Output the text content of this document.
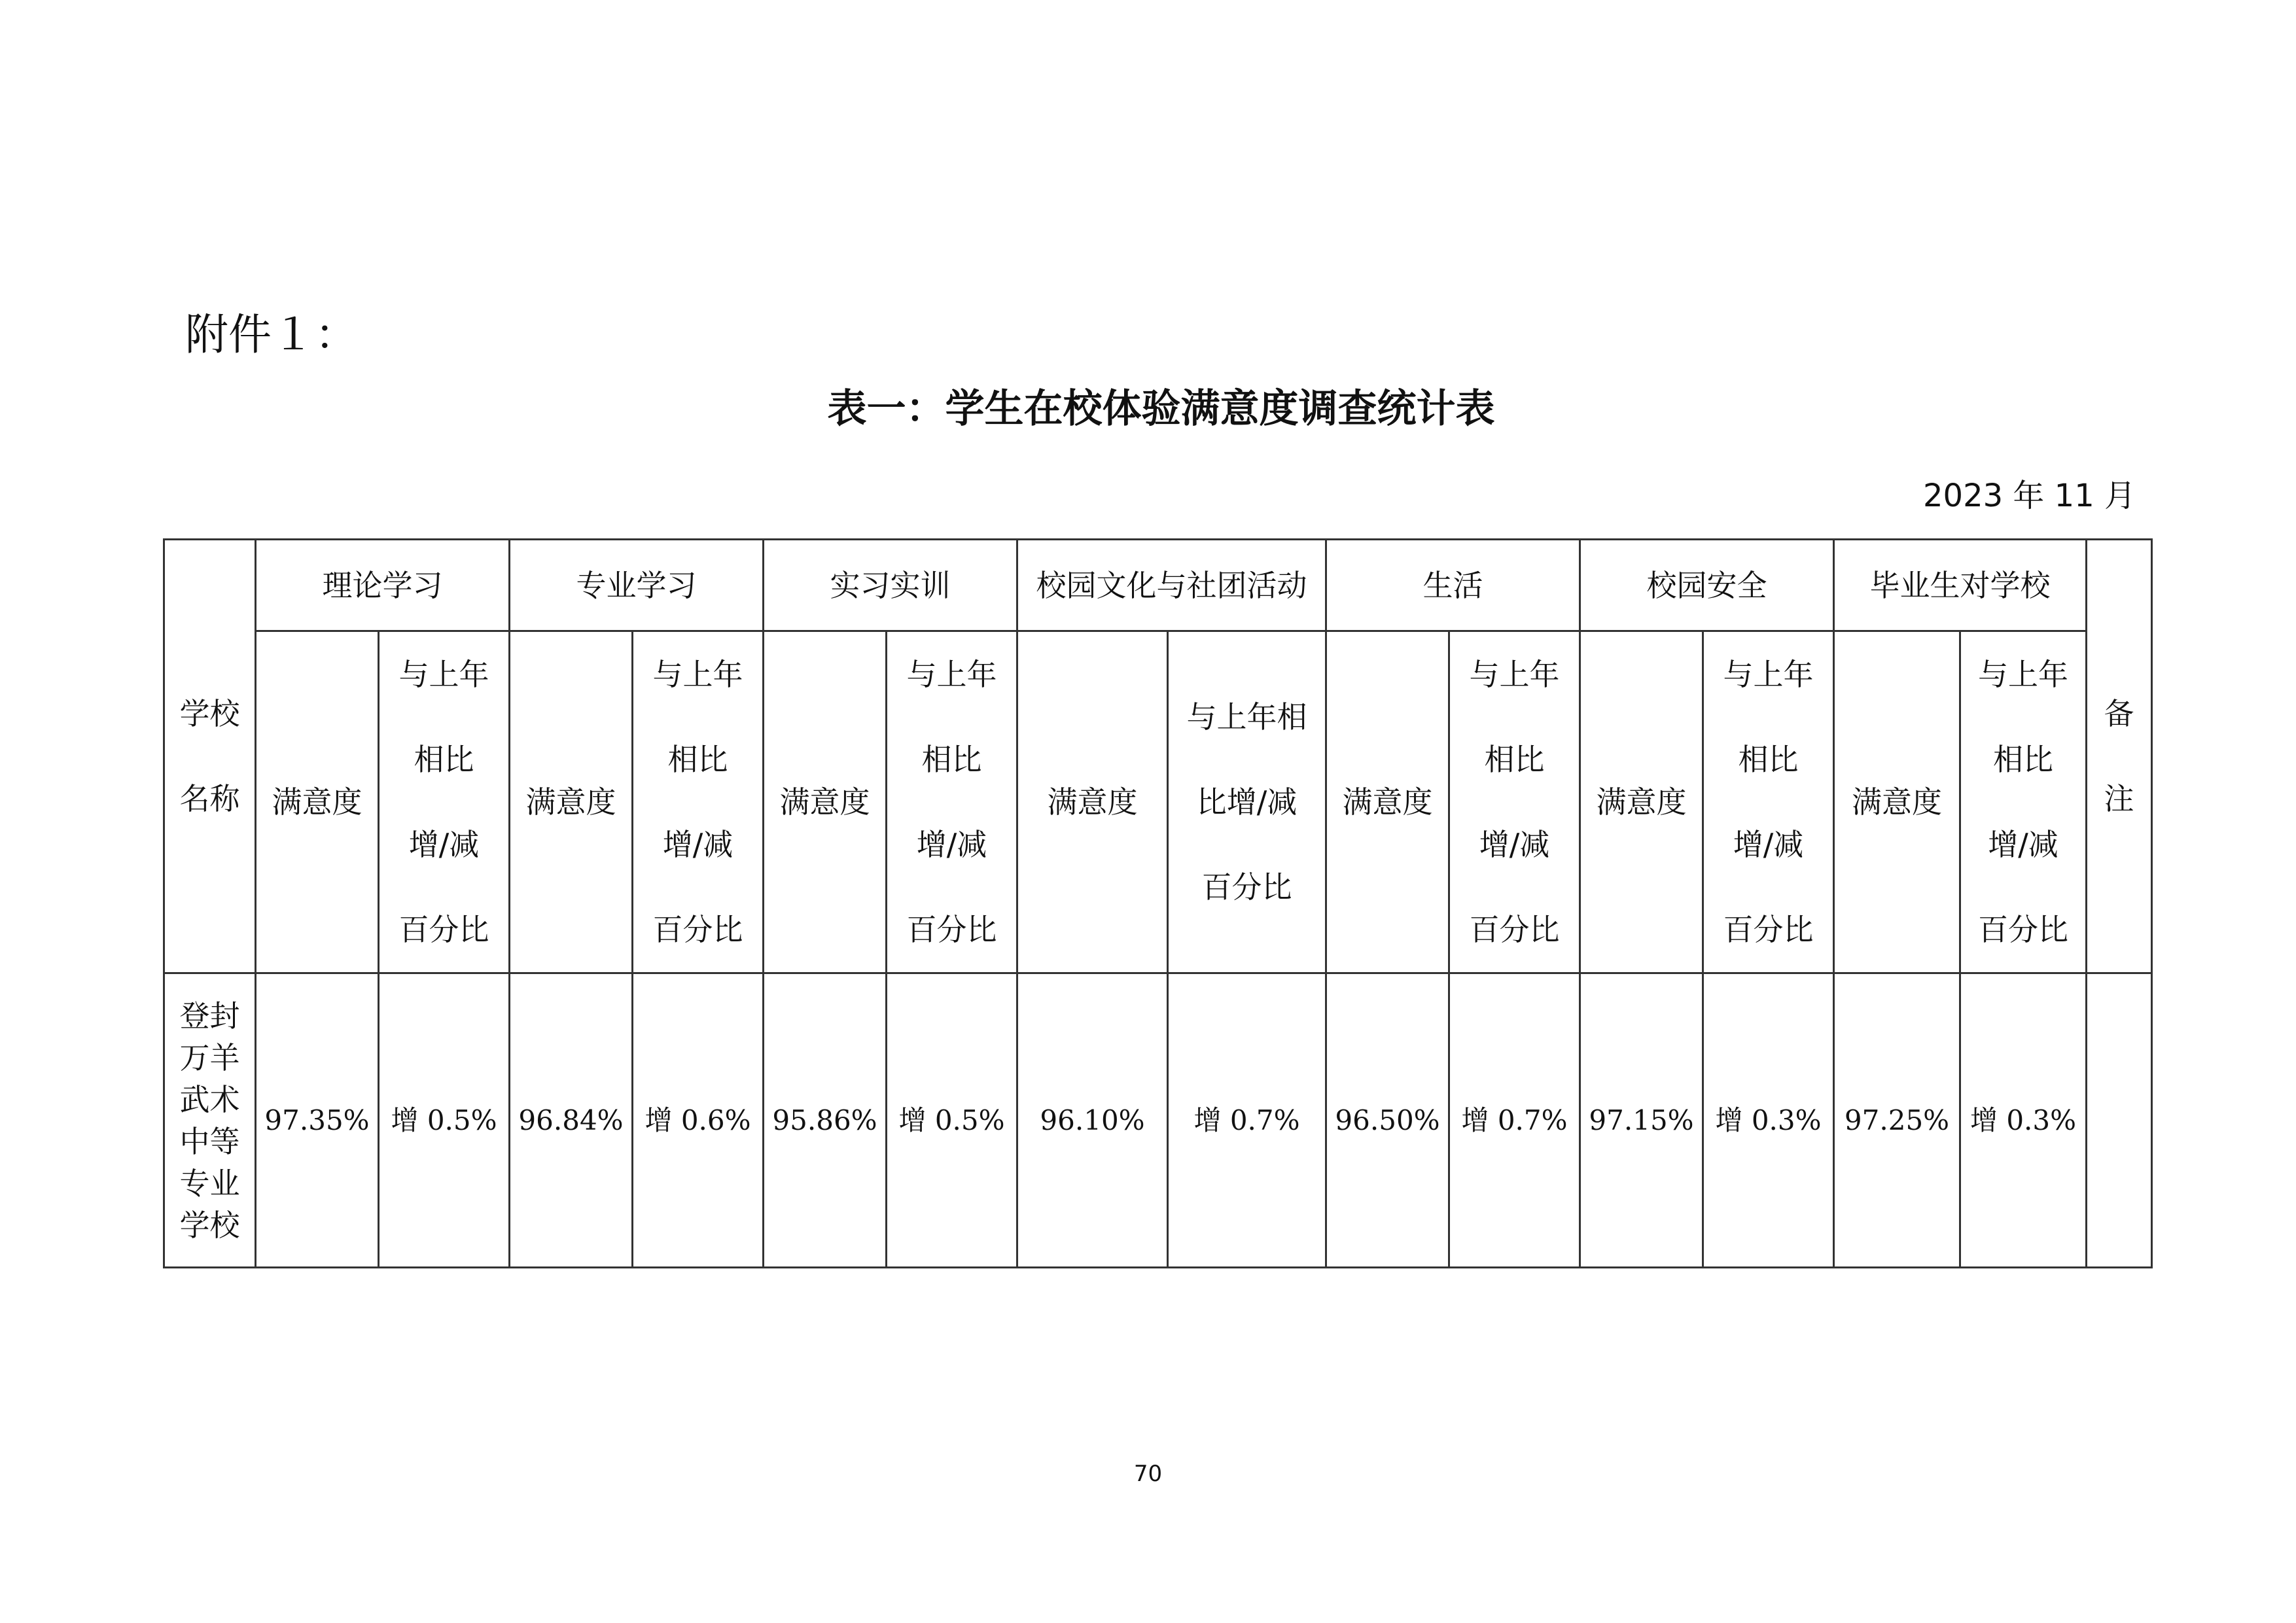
附件１：
表一：学生在校体验满意度调查统计表
2023 年 11 月
学校名称	理论学习		专业学习		实习实训		校园文化与社团活动		生活		校园安全		毕业生对学校		备注
	满意度	与上年相比增/减百分比	满意度	与上年相比增/减百分比	满意度	与上年相比增/减百分比	满意度	与上年相比增/减百分比	满意度	与上年相比增/减百分比	满意度	与上年相比增/减百分比	满意度	与上年相比增/减百分比	
登封万羊武术中等专业学校	97.35%	增 0.5%	96.84%	增 0.6%	95.86%	增 0.5%	96.10%	增 0.7%	96.50%	增 0.7%	97.15%	增 0.3%	97.25%	增 0.3%	
70
